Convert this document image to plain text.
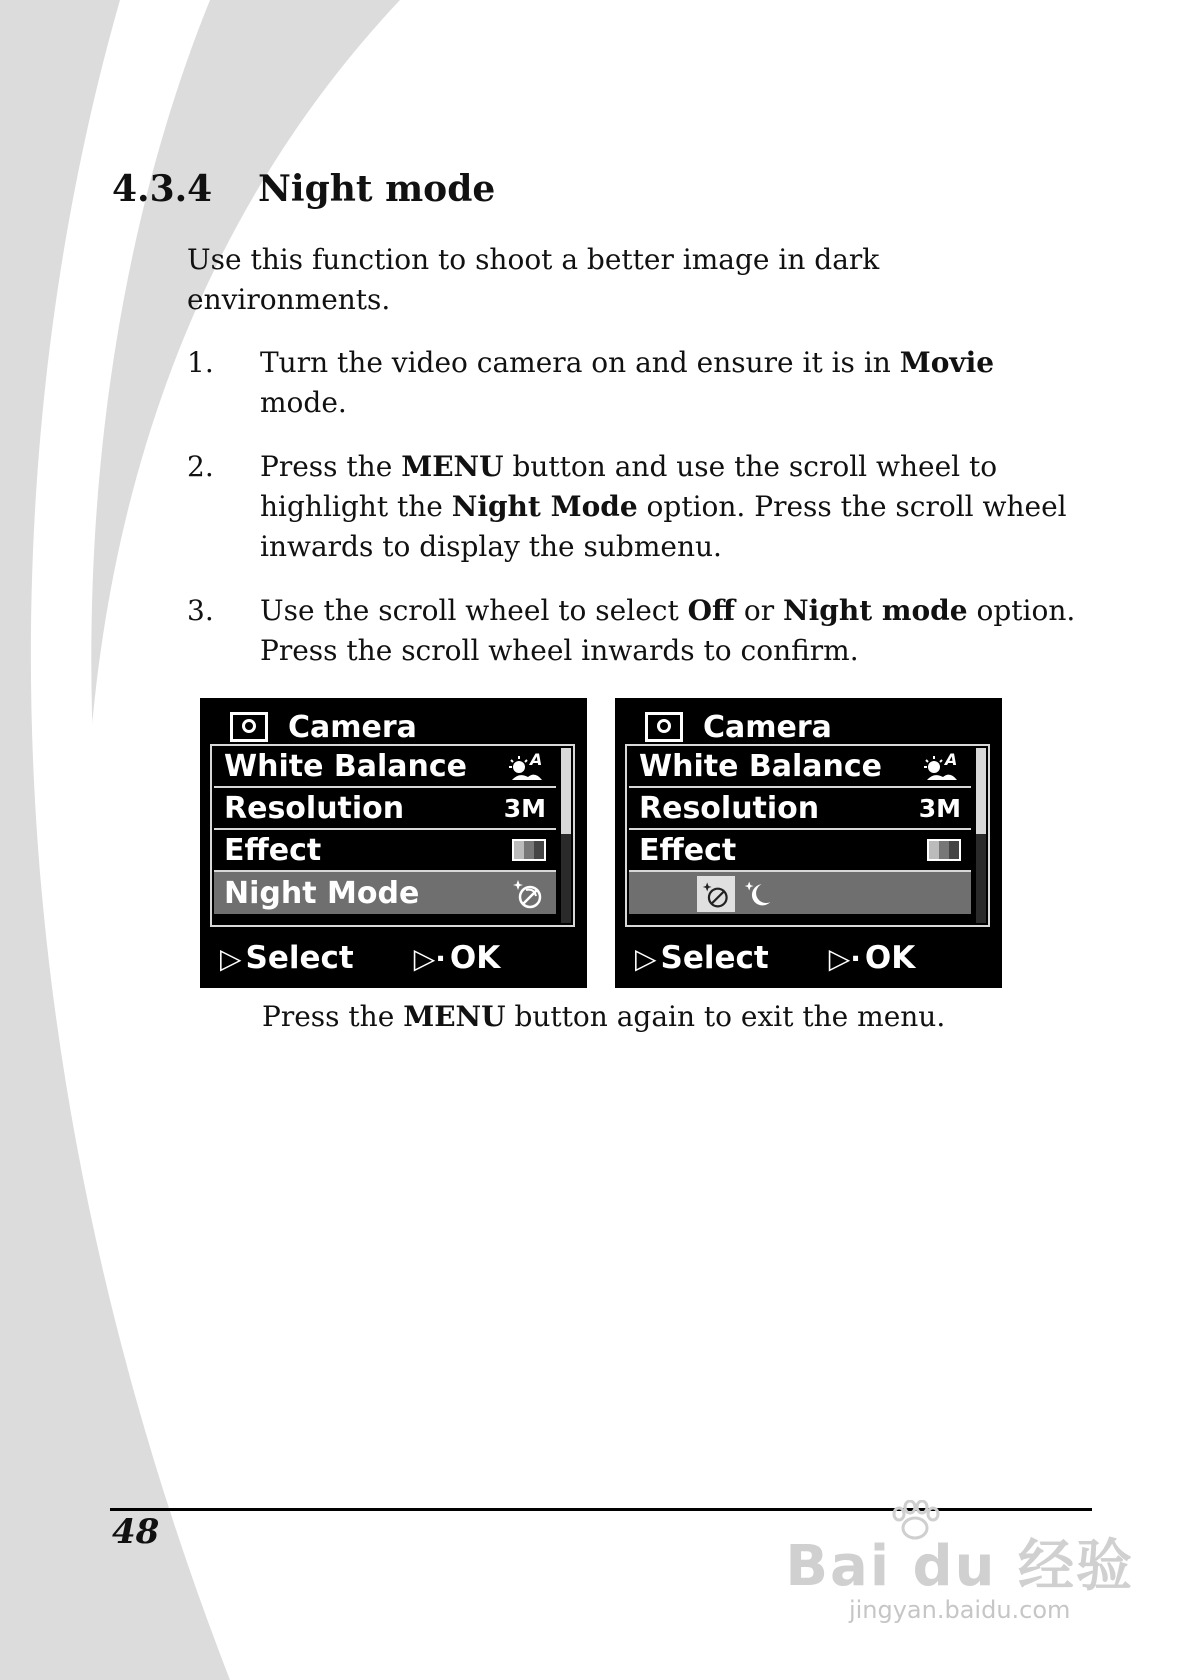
4.3.4 Night mode
Use this function to shoot a better image in dark environments.
1. Turn the video camera on and ensure it is in Movie mode.
2. Press the MENU button and use the scroll wheel to highlight the Night Mode option. Press the scroll wheel inwards to display the submenu.
3. Use the scroll wheel to select Off or Night mode option. Press the scroll wheel inwards to confirm.
Camera
White Balance	A
Resolution	3M
Effect
Night Mode
▷ Select ▷· OK
Camera
White Balance	A
Resolution	3M
Effect
▷ Select ▷· OK
Press the MENU button again to exit the menu.
48
Bai du 经验
jingyan.baidu.com
